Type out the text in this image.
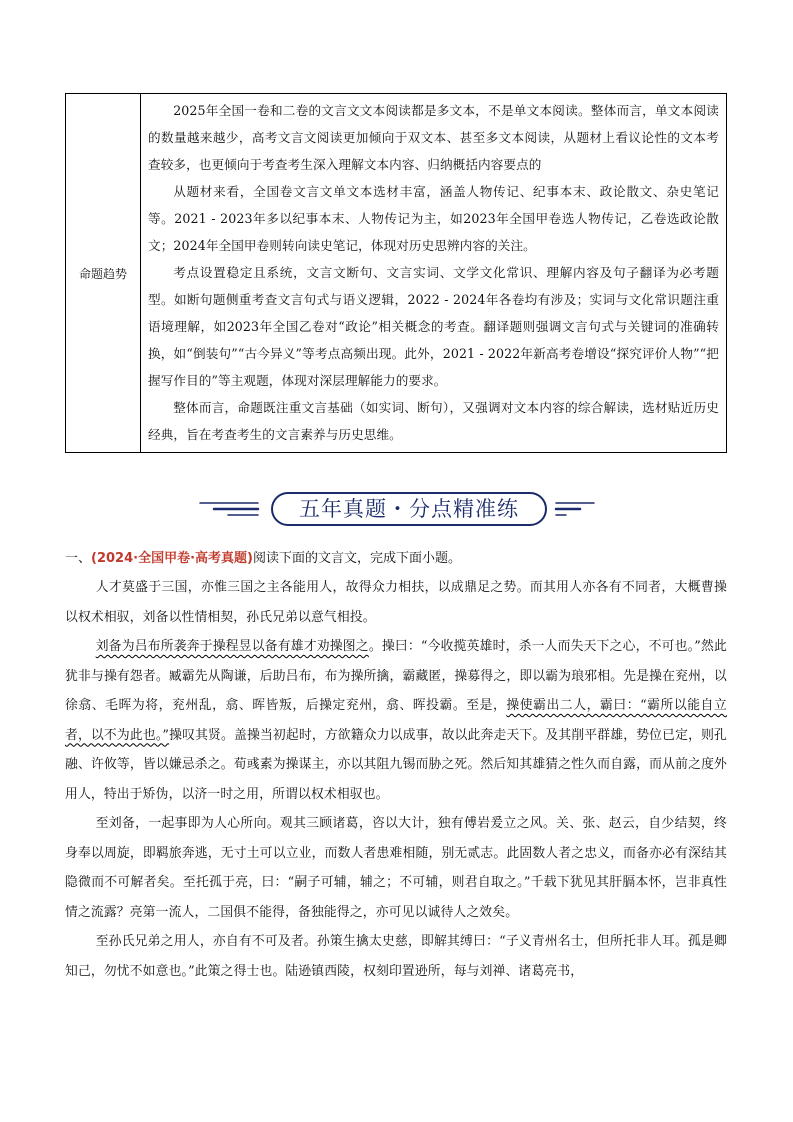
命题趋势	

2025年全国一卷和二卷的文言文文本阅读都是多文本，不是单文本阅读。整体而言，单文本阅读的数量越来越少，高考文言文阅读更加倾向于双文本、甚至多文本阅读，从题材上看议论性的文本考查较多，也更倾向于考查考生深入理解文本内容、归纳概括内容要点的

从题材来看，全国卷文言文单文本选材丰富，涵盖人物传记、纪事本末、政论散文、杂史笔记等。2021 - 2023年多以纪事本末、人物传记为主，如2023年全国甲卷选人物传记，乙卷选政论散文；2024年全国甲卷则转向读史笔记，体现对历史思辨内容的关注。

考点设置稳定且系统，文言文断句、文言实词、文学文化常识、理解内容及句子翻译为必考题型。如断句题侧重考查文言句式与语义逻辑，2022 - 2024年各卷均有涉及；实词与文化常识题注重语境理解，如2023年全国乙卷对“政论”相关概念的考查。翻译题则强调文言句式与关键词的准确转换，如“倒装句”“古今异义”等考点高频出现。此外，2021 - 2022年新高考卷增设“探究评价人物”“把握写作目的”等主观题，体现对深层理解能力的要求。

整体而言，命题既注重文言基础（如实词、断句），又强调对文本内容的综合解读，选材贴近历史经典，旨在考查考生的文言素养与历史思维。

五年真题・分点精准练
一、(2024·全国甲卷·高考真题)阅读下面的文言文，完成下面小题。

人才莫盛于三国，亦惟三国之主各能用人，故得众力相扶，以成鼎足之势。而其用人亦各有不同者，大概曹操以权术相驭，刘备以性情相契，孙氏兄弟以意气相投。

刘备为吕布所袭奔于操程昱以备有雄才劝操图之。操曰：“今收揽英雄时，杀一人而失天下之心，不可也。”然此犹非与操有怨者。臧霸先从陶谦，后助吕布，布为操所擒，霸藏匿，操募得之，即以霸为琅邪相。先是操在兖州，以徐翕、毛晖为将，兖州乱，翕、晖皆叛，后操定兖州，翕、晖投霸。至是，操使霸出二人，霸曰：“霸所以能自立者，以不为此也。”操叹其贤。盖操当初起时，方欲籍众力以成事，故以此奔走天下。及其削平群雄，势位已定，则孔融、许攸等，皆以嫌忌杀之。荀彧素为操谋主，亦以其阻九锡而胁之死。然后知其雄猜之性久而自露，而从前之度外用人，特出于矫伪，以济一时之用，所谓以权术相驭也。

至刘备，一起事即为人心所向。观其三顾诸葛，咨以大计，独有傅岩爰立之风。关、张、赵云，自少结契，终身奉以周旋，即羁旅奔逃，无寸土可以立业，而数人者患难相随，别无贰志。此固数人者之忠义，而备亦必有深结其隐微而不可解者矣。至托孤于亮，曰：“嗣子可辅，辅之；不可辅，则君自取之。”千载下犹见其肝膈本怀，岂非真性情之流露？亮第一流人，二国俱不能得，备独能得之，亦可见以诚待人之效矣。

至孙氏兄弟之用人，亦自有不可及者。孙策生擒太史慈，即解其缚曰：“子义青州名士，但所托非人耳。孤是卿知己，勿忧不如意也。”此策之得士也。陆逊镇西陵，权刻印置逊所，每与刘禅、诸葛亮书，
